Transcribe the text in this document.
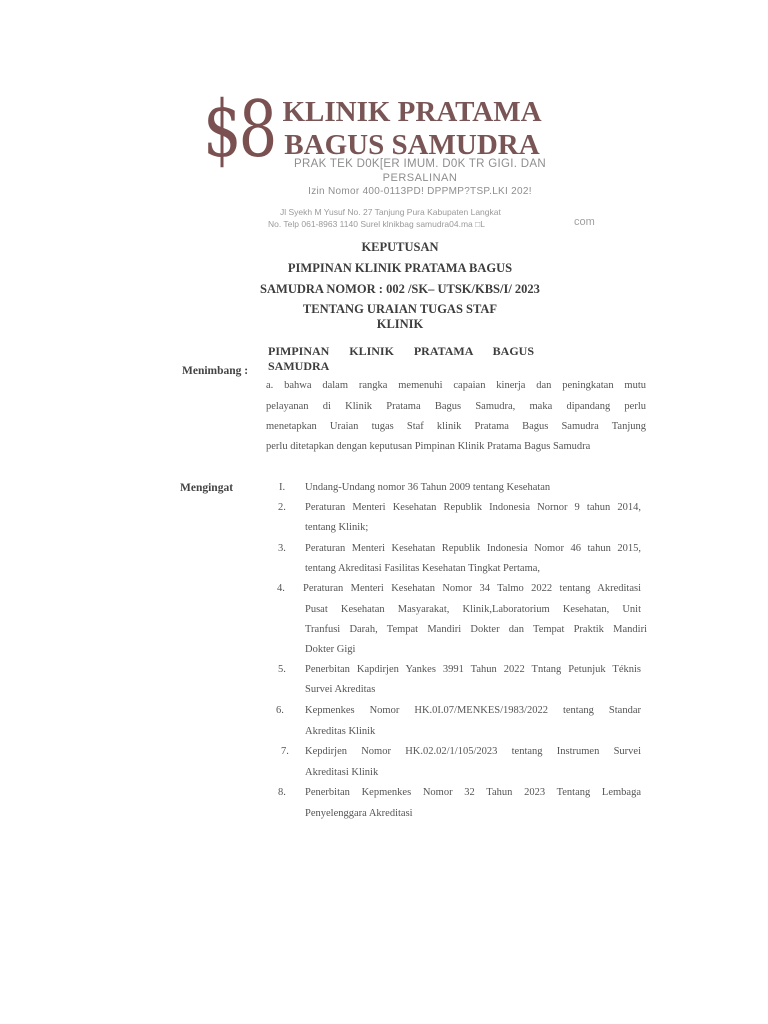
$8 KLINIK PRATAMA
BAGUS SAMUDRA
PRAK TEK D0K[ER IMUM. D0K TR GIGI. DAN
PERSALINAN
Izin Nomor 400-0113PD! DPPMP?TSP.LKI 202!
Jl Syekh M Yusuf No. 27 Tanjung Pura Kabupaten Langkat
No. Telp 061-8963 1140 Surel klnikbag samudra04.ma □L	com
KEPUTUSAN
PIMPINAN KLINIK PRATAMA BAGUS
SAMUDRA NOMOR : 002 /SK– UTSK/KBS/I/ 2023
TENTANG URAIAN TUGAS STAF
KLINIK
PIMPINAN KLINIK PRATAMA BAGUS
SAMUDRA
Menimbang :
a. bahwa dalam rangka memenuhi capaian kinerja dan peningkatan mutu
pelayanan di Klinik Pratama Bagus Samudra, maka dipandang perlu
menetapkan Uraian tugas Staf klinik Pratama Bagus Samudra Tanjung
perlu ditetapkan dengan keputusan Pimpinan Klinik Pratama Bagus Samudra
Mengingat	I. Undang-Undang nomor 36 Tahun 2009 tentang Kesehatan
2. Peraturan Menteri Kesehatan Republik Indonesia Nornor 9 tahun 2014,
tentang Klinik;
3. Peraturan Menteri Kesehatan Republik Indonesia Nomor 46 tahun 2015,
tentang Akreditasi Fasilitas Kesehatan Tingkat Pertama,
4. Peraturan Menteri Kesehatan Nomor 34 Talmo 2022 tentang Akreditasi
Pusat Kesehatan Masyarakat, Klinik,Laboratorium Kesehatan, Unit
Tranfusi Darah, Tempat Mandiri Dokter dan Tempat Praktik Mandiri
Dokter Gigi
5. Penerbitan Kapdirjen Yankes 3991 Tahun 2022 Tntang Petunjuk Téknis
Survei Akreditas
6. Kepmenkes Nomor HK.0I.07/MENKES/1983/2022 tentang Standar
Akreditas Klinik
7. Kepdirjen Nomor HK.02.02/1/105/2023 tentang Instrumen Survei
Akreditasi Klinik
8. Penerbitan Kepmenkes Nomor 32 Tahun 2023 Tentang Lembaga
Penyelenggara Akreditasi
